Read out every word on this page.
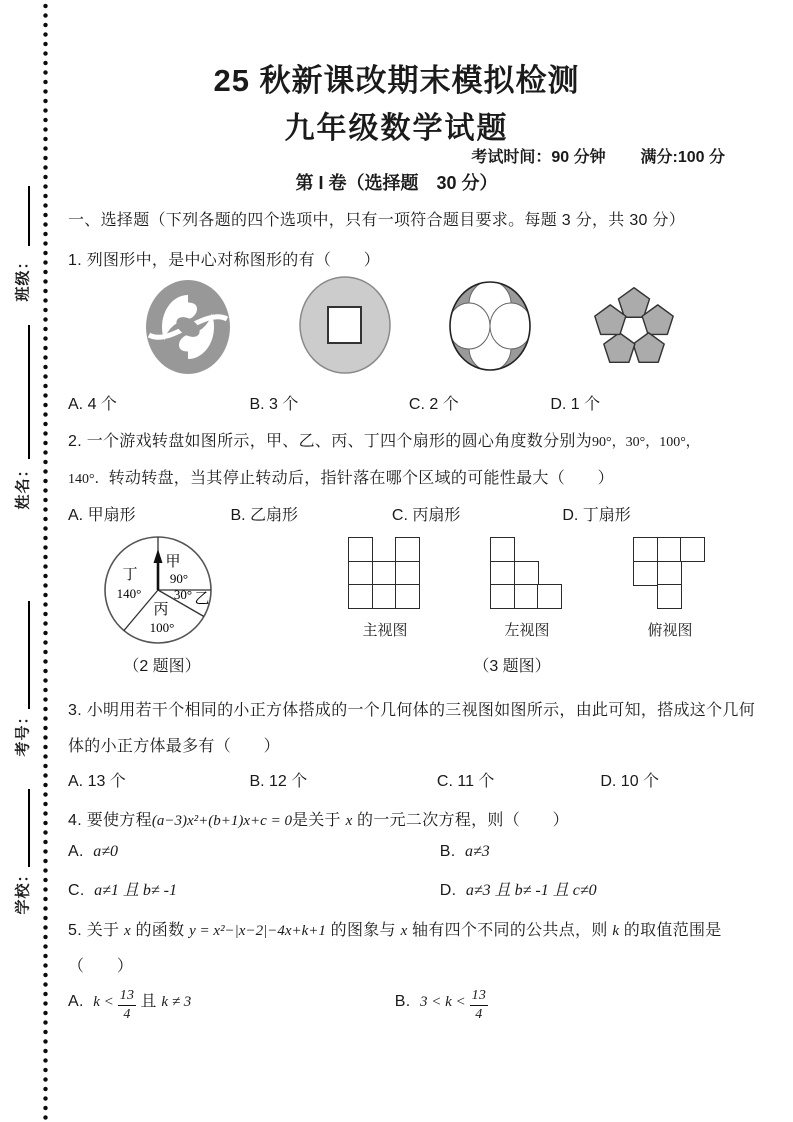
班级：
姓名：
考号：
学校：
25 秋新课改期末模拟检测
九年级数学试题
考试时间：90 分钟 满分:100 分
第 I 卷（选择题　30 分）
一、选择题（下列各题的四个选项中，只有一项符合题目要求。每题 3 分，共 30 分）
1. 列图形中，是中心对称图形的有（　　）
A. 4 个	B. 3 个	C. 2 个	D. 1 个
2. 一个游戏转盘如图所示，甲、乙、丙、丁四个扇形的圆心角度数分别为90°，30°，100°，
140°．转动转盘，当其停止转动后，指针落在哪个区域的可能性最大（　　）
A. 甲扇形	B. 乙扇形	C. 丙扇形	D. 丁扇形
甲
90°
乙
30°
丙
100°
丁
140°
（2 题图）
主视图	左视图	俯视图
（3 题图）
3. 小明用若干个相同的小正方体搭成的一个几何体的三视图如图所示，由此可知，搭成这个几何
体的小正方体最多有（　　）
A. 13 个	B. 12 个	C. 11 个	D. 10 个
4. 要使方程(a−3)x²+(b+1)x+c = 0是关于 x 的一元二次方程，则（　　）
A. a≠0	B. a≠3
C. a≠1 且 b≠ -1	D. a≠3 且 b≠ -1 且 c≠0
5. 关于 x 的函数 y = x²−|x−2|−4x+k+1 的图象与 x 轴有四个不同的公共点，则 k 的取值范围是
（　　）
A. $k < \frac{13}{4}$ 且 k ≠ 3	B. $3 < k < \frac{13}{4}$
